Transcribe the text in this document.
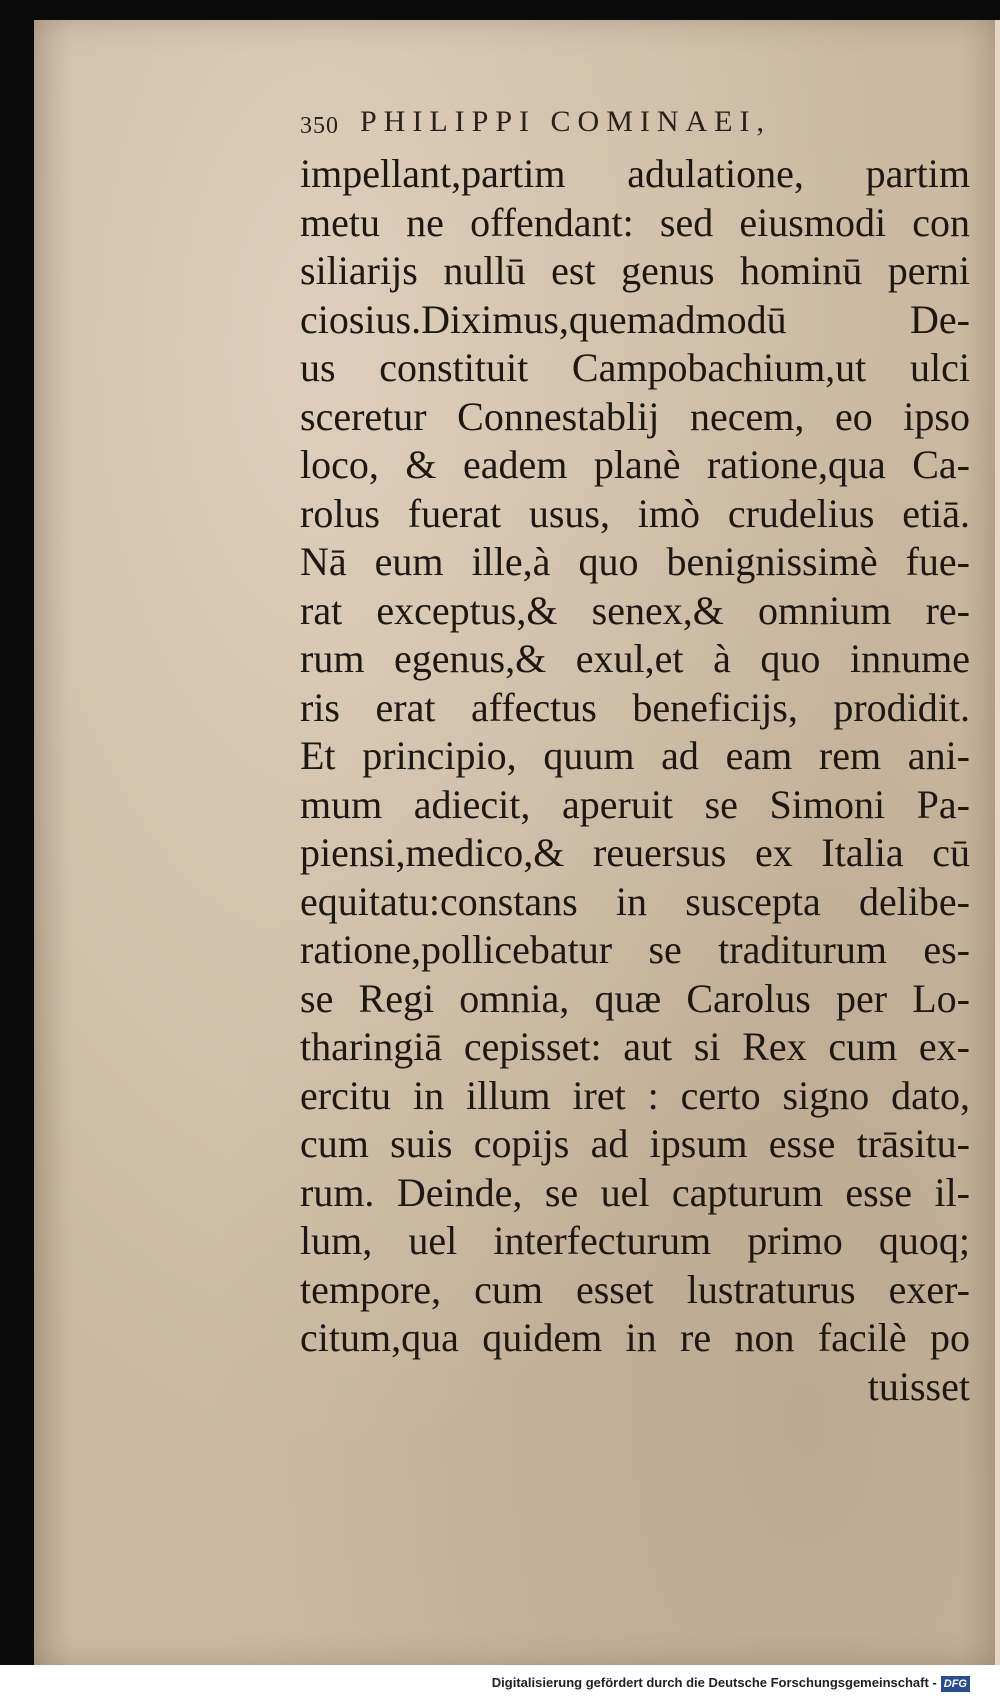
350 PHILIPPI COMINAEI,
impellant,partim adulatione, partim
metu ne offendant: sed eiusmodi con
siliarijs nullū est genus hominū perni
ciosius.Diximus,quemadmodū De-
us constituit Campobachium,ut ulci
sceretur Connestablij necem, eo ipso
loco, & eadem planè ratione,qua Ca-
rolus fuerat usus, imò crudelius etiā.
Nā eum ille,à quo benignissimè fue-
rat exceptus,& senex,& omnium re-
rum egenus,& exul,et à quo innume
ris erat affectus beneficijs, prodidit.
Et principio, quum ad eam rem ani-
mum adiecit, aperuit se Simoni Pa-
piensi,medico,& reuersus ex Italia cū
equitatu:constans in suscepta delibe-
ratione,pollicebatur se traditurum es-
se Regi omnia, quæ Carolus per Lo-
tharingiā cepisset: aut si Rex cum ex-
ercitu in illum iret : certo signo dato,
cum suis copijs ad ipsum esse trāsitu-
rum. Deinde, se uel capturum esse il-
lum, uel interfecturum primo quoq;
tempore, cum esset lustraturus exer-
citum,qua quidem in re non facilè po
tuisset
Digitalisierung gefördert durch die Deutsche Forschungsgemeinschaft - DFG
